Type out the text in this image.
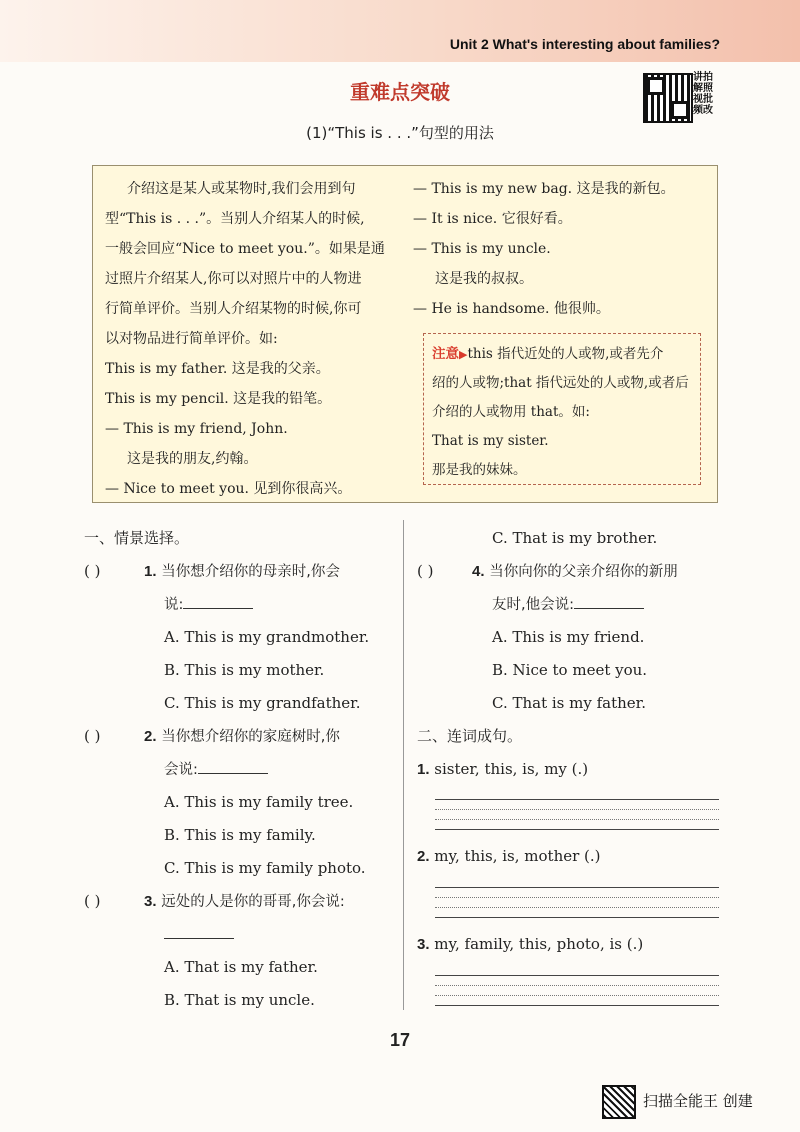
Unit 2 What's interesting about families?
重难点突破
讲拍 解照 视批 频改
(1)“This is . . .”句型的用法

介绍这是某人或某物时,我们会用到句

型“This is . . .”。当别人介绍某人的时候,

一般会回应“Nice to meet you.”。如果是通

过照片介绍某人,你可以对照片中的人物进

行简单评价。当别人介绍某物的时候,你可

以对物品进行简单评价。如:

This is my father. 这是我的父亲。

This is my pencil. 这是我的铅笔。

— This is my friend, John.

这是我的朋友,约翰。

— Nice to meet you. 见到你很高兴。

— This is my new bag. 这是我的新包。

— It is nice. 它很好看。

— This is my uncle.

这是我的叔叔。

— He is handsome. 他很帅。

注意▶this 指代近处的人或物,或者先介

绍的人或物;that 指代远处的人或物,或者后

介绍的人或物用 that。如:

That is my sister.

那是我的妹妹。

一、情景选择。

( )	1. 当你想介绍你的母亲时,你会

说:

A. This is my grandmother.

B. This is my mother.

C. This is my grandfather.

( )	2. 当你想介绍你的家庭树时,你

会说:

A. This is my family tree.

B. This is my family.

C. This is my family photo.

( )	3. 远处的人是你的哥哥,你会说:

A. That is my father.

B. That is my uncle.

C. That is my brother.

( )	4. 当你向你的父亲介绍你的新朋

友时,他会说:

A. This is my friend.

B. Nice to meet you.

C. That is my father.

二、连词成句。

1. sister, this, is, my (.)

2. my, this, is, mother (.)

3. my, family, this, photo, is (.)

17
扫描全能王 创建
